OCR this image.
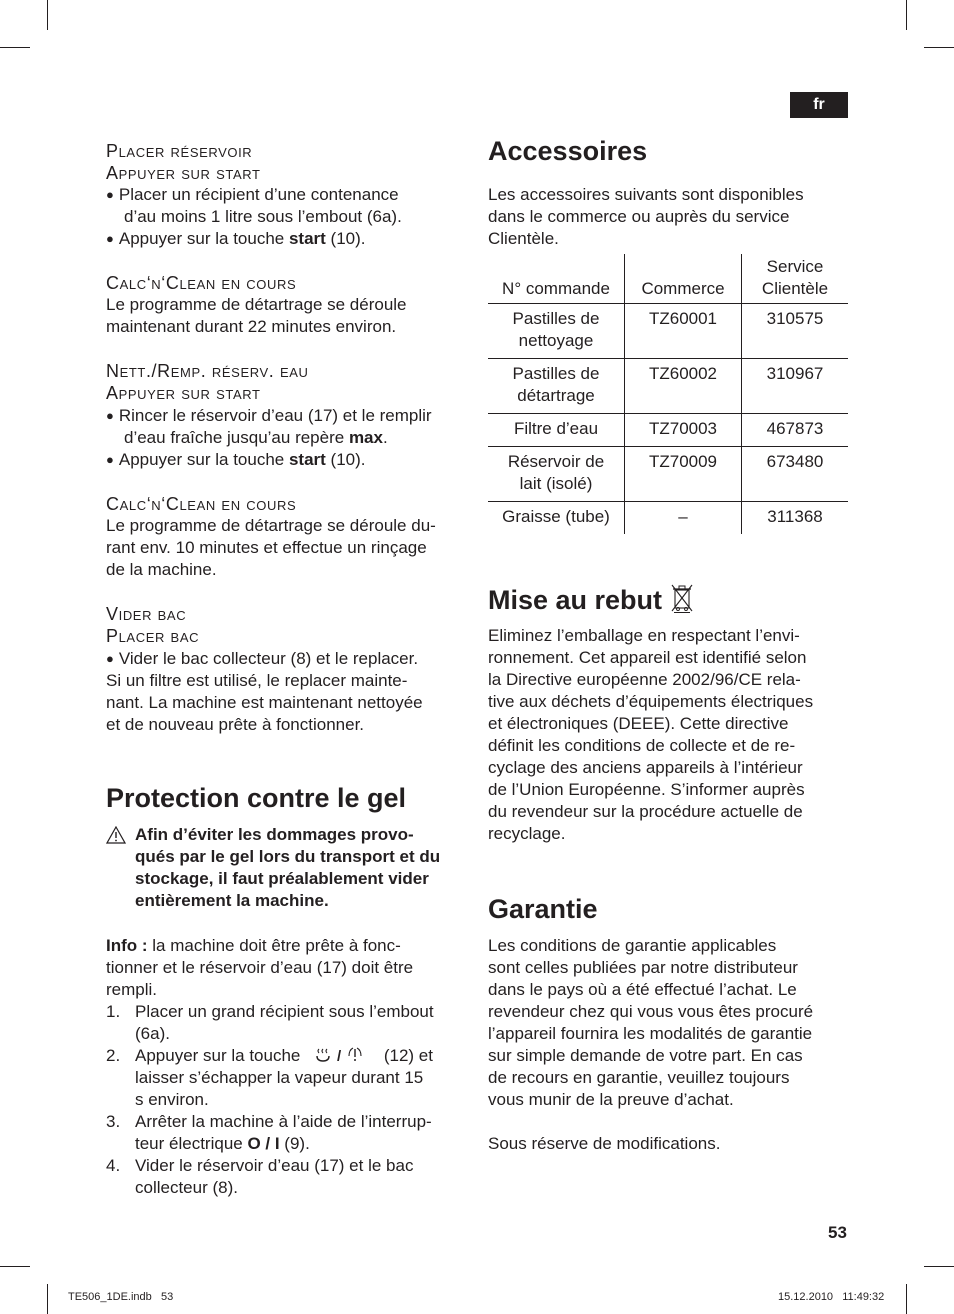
fr
Placer réservoir
Appuyer sur start
● Placer un récipient d’une contenance
d’au moins 1 litre sous l’embout (6a).
● Appuyer sur la touche start (10).
Calc‘n‘Clean en cours
Le programme de détartrage se déroule
maintenant durant 22 minutes environ.
Nett./Remp. réserv. eau
Appuyer sur start
● Rincer le réservoir d’eau (17) et le remplir
d’eau fraîche jusqu’au repère max.
● Appuyer sur la touche start (10).
Calc‘n‘Clean en cours
Le programme de détartrage se déroule du-
rant env. 10 minutes et effectue un rinçage
de la machine.
Vider bac
Placer bac
● Vider le bac collecteur (8) et le replacer.
Si un filtre est utilisé, le replacer mainte-
nant. La machine est maintenant nettoyée
et de nouveau prête à fonctionner.
Protection contre le gel
Afin d’éviter les dommages provo-
qués par le gel lors du transport et du
stockage, il faut préalablement vider
entièrement la machine.
Info : la machine doit être prête à fonc-
tionner et le réservoir d’eau (17) doit être
rempli.
1. Placer un grand récipient sous l’embout
(6a).
2. Appuyer sur la touche / (12) et
laisser s’échapper la vapeur durant 15
s environ.
3. Arrêter la machine à l’aide de l’interrup-
teur électrique O / I (9).
4. Vider le réservoir d’eau (17) et le bac
collecteur (8).
Accessoires
Les accessoires suivants sont disponibles
dans le commerce ou auprès du service
Clientèle.
N° commande	Commerce	Service
Clientèle
Pastilles de
nettoyage	TZ60001	310575
Pastilles de
détartrage	TZ60002	310967
Filtre d’eau	TZ70003	467873
Réservoir de
lait (isolé)	TZ70009	673480
Graisse (tube)	–	311368
Mise au rebut
Eliminez l’emballage en respectant l’envi-
ronnement. Cet appareil est identifié selon
la Directive européenne 2002/96/CE rela-
tive aux déchets d’équipements électriques
et électroniques (DEEE). Cette directive
définit les conditions de collecte et de re-
cyclage des anciens appareils à l’intérieur
de l’Union Européenne. S’informer auprès
du revendeur sur la procédure actuelle de
recyclage.
Garantie
Les conditions de garantie applicables
sont celles publiées par notre distributeur
dans le pays où a été effectué l’achat. Le
revendeur chez qui vous vous êtes procuré
l’appareil fournira les modalités de garantie
sur simple demande de votre part. En cas
de recours en garantie, veuillez toujours
vous munir de la preuve d’achat.
Sous réserve de modifications.
53
TE506_1DE.indb   53	15.12.2010   11:49:32
